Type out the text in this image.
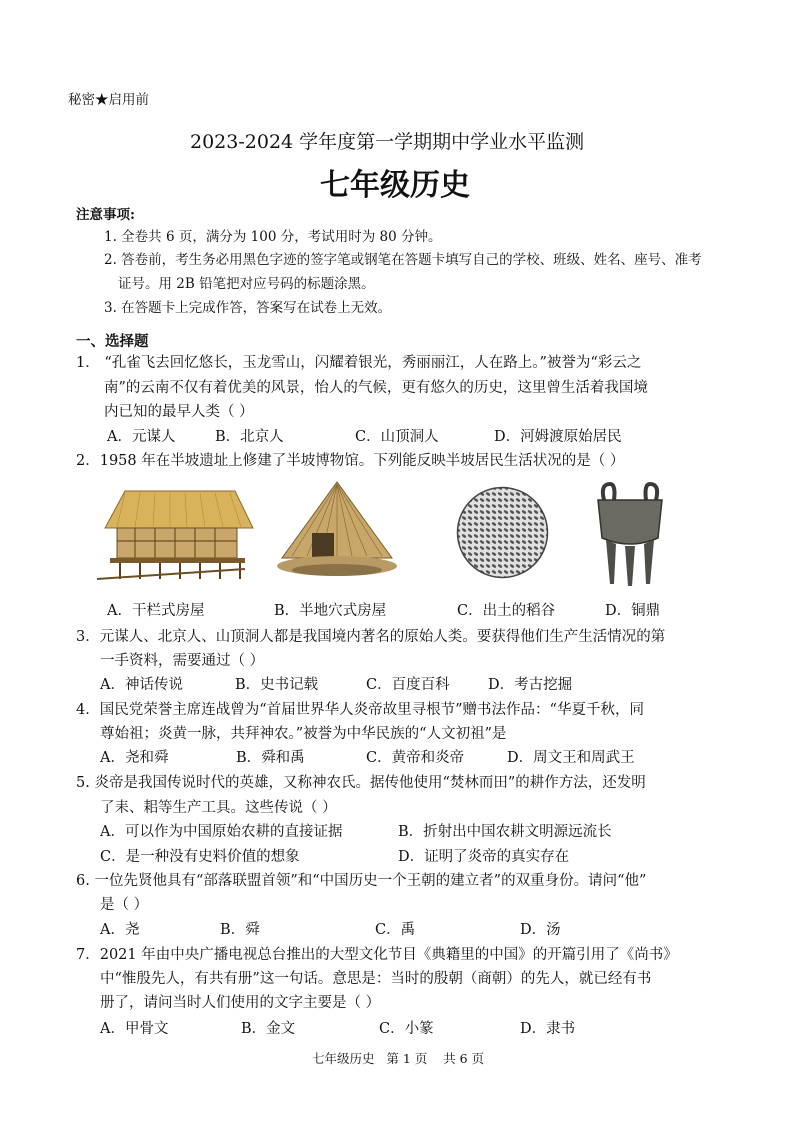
秘密★启用前
2023-2024 学年度第一学期期中学业水平监测
七年级历史
注意事项:
1. 全卷共 6 页，满分为 100 分，考试用时为 80 分钟。
2. 答卷前，考生务必用黑色字迹的签字笔或钢笔在答题卡填写自己的学校、班级、姓名、座号、准考
证号。用 2B 铅笔把对应号码的标题涂黑。
3. 在答题卡上完成作答，答案写在试卷上无效。
一、选择题
1． “孔雀飞去回忆悠长，玉龙雪山，闪耀着银光，秀丽丽江，人在路上。”被誉为“彩云之
南”的云南不仅有着优美的风景，怡人的气候，更有悠久的历史，这里曾生活着我国境
内已知的最早人类（ ）
A．元谋人	B．北京人	C．山顶洞人	D．河姆渡原始居民
2．1958 年在半坡遗址上修建了半坡博物馆。下列能反映半坡居民生活状况的是（ ）
A．干栏式房屋	B．半地穴式房屋	C．出土的稻谷	D．铜鼎
3．元谋人、北京人、山顶洞人都是我国境内著名的原始人类。要获得他们生产生活情况的第
一手资料，需要通过（ ）
A．神话传说	B．史书记载	C．百度百科	D．考古挖掘
4．国民党荣誉主席连战曾为“首届世界华人炎帝故里寻根节”赠书法作品：“华夏千秋，同
尊始祖；炎黄一脉，共拜神农。”被誉为中华民族的“人文初祖”是
A．尧和舜	B．舜和禹	C．黄帝和炎帝	D．周文王和周武王
5. 炎帝是我国传说时代的英雄，又称神农氏。据传他使用“焚林而田”的耕作方法，还发明
了耒、耜等生产工具。这些传说（ ）
A．可以作为中国原始农耕的直接证据	B．折射出中国农耕文明源远流长
C．是一种没有史料价值的想象	D．证明了炎帝的真实存在
6. 一位先贤他具有“部落联盟首领”和“中国历史一个王朝的建立者”的双重身份。请问“他”
是（ ）
A．尧	B．舜	C．禹	D．汤
7．2021 年由中央广播电视总台推出的大型文化节目《典籍里的中国》的开篇引用了《尚书》
中“惟殷先人，有共有册”这一句话。意思是：当时的殷朝（商朝）的先人，就已经有书
册了，请问当时人们使用的文字主要是（ ）
A．甲骨文	B．金文	C．小篆	D．隶书
七年级历史   第 1 页    共 6 页
